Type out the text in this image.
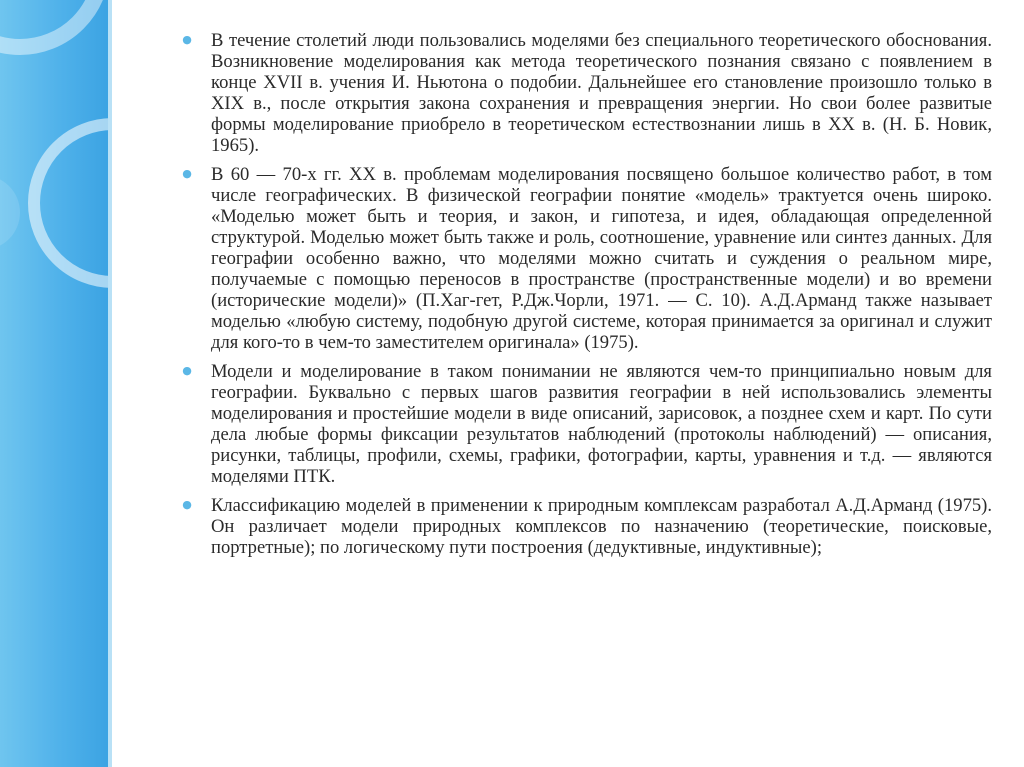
● В течение столетий люди пользовались моделями без специального теоретического обоснования. Возникновение моделирования как метода теоретического познания связано с появлением в конце XVII в. учения И. Ньютона о подобии. Дальнейшее его становление произошло только в XIX в., после открытия закона сохранения и превращения энергии. Но свои более развитые формы моделирование приобрело в теоретическом естествознании лишь в XX в. (Н. Б. Новик, 1965).
● В 60 — 70-х гг. XX в. проблемам моделирования посвящено большое количество работ, в том числе географических. В физической географии понятие «модель» трактуется очень широко. «Моделью может быть и теория, и закон, и гипотеза, и идея, обладающая определенной структурой. Моделью может быть также и роль, соотношение, уравнение или синтез данных. Для географии особенно важно, что моделями можно считать и суждения о реальном мире, получаемые с помощью переносов в пространстве (пространственные модели) и во времени (исторические модели)» (П.Хаг-гет, Р.Дж.Чорли, 1971. — С. 10). А.Д.Арманд также называет моделью «любую систему, подобную другой системе, которая принимается за оригинал и служит для кого-то в чем-то заместителем оригинала» (1975).
● Модели и моделирование в таком понимании не являются чем-то принципиально новым для географии. Буквально с первых шагов развития географии в ней использовались элементы моделирования и простейшие модели в виде описаний, зарисовок, а позднее схем и карт. По сути дела любые формы фиксации результатов наблюдений (протоколы наблюдений) — описания, рисунки, таблицы, профили, схемы, графики, фотографии, карты, уравнения и т.д. — являются моделями ПТК.
● Классификацию моделей в применении к природным комплексам разработал А.Д.Арманд (1975). Он различает модели природных комплексов по назначению (теоретические, поисковые, портретные); по логическому пути построения (дедуктивные, индуктивные);
